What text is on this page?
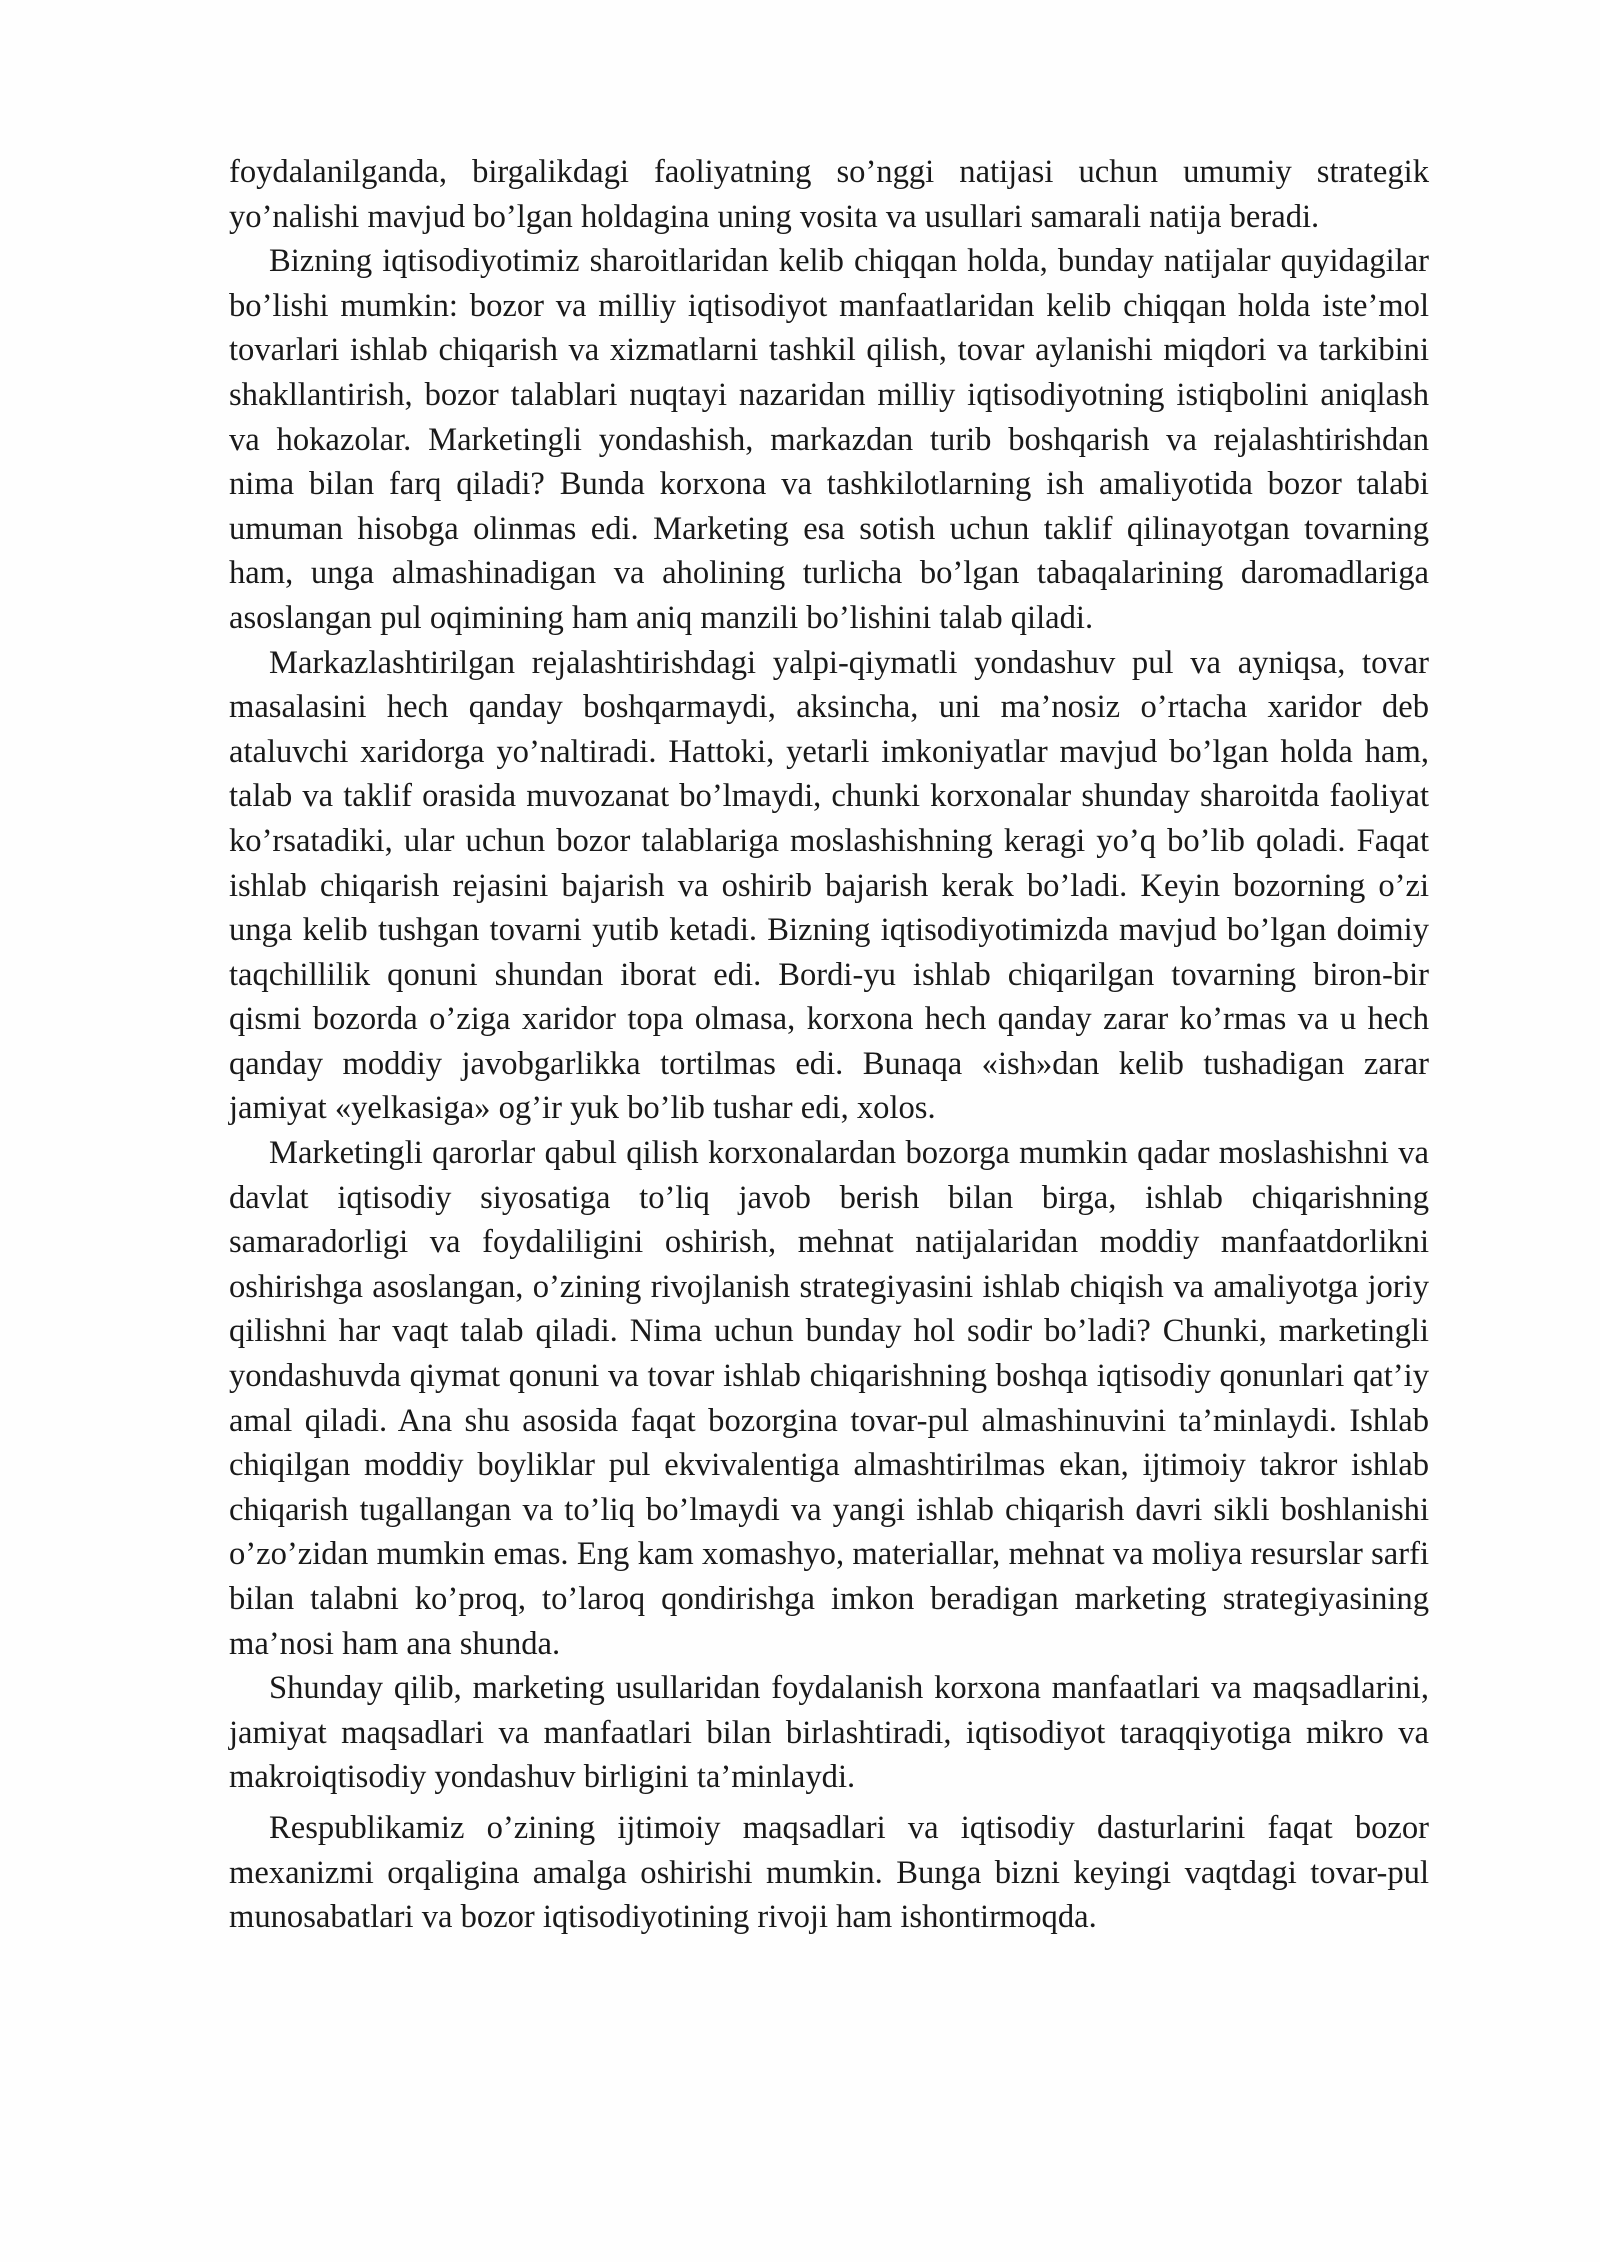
foydalanilganda, birgalikdagi faoliyatning so’nggi natijasi uchun umumiy strategik yo’nalishi mavjud bo’lgan holdagina uning vosita va usullari samarali natija beradi.

Bizning iqtisodiyotimiz sharoitlaridan kelib chiqqan holda, bunday natijalar quyidagilar bo’lishi mumkin: bozor va milliy iqtisodiyot manfaatlaridan kelib chiqqan holda iste’mol tovarlari ishlab chiqarish va xizmatlarni tashkil qilish, tovar aylanishi miqdori va tarkibini shakllantirish, bozor talablari nuqtayi nazaridan milliy iqtisodiyotning istiqbolini aniqlash va hokazolar. Marketingli yondashish, markazdan turib boshqarish va rejalashtirishdan nima bilan farq qiladi? Bunda korxona va tashkilotlarning ish amaliyotida bozor talabi umuman hisobga olinmas edi. Marketing esa sotish uchun taklif qilinayotgan tovarning ham, unga almashinadigan va aholining turlicha bo’lgan tabaqalarining daromadlariga asoslangan pul oqimining ham aniq manzili bo’lishini talab qiladi.

Markazlashtirilgan rejalashtirishdagi yalpi-qiymatli yondashuv pul va ayniqsa, tovar masalasini hech qanday boshqarmaydi, aksincha, uni ma’nosiz o’rtacha xaridor deb ataluvchi xaridorga yo’naltiradi. Hattoki, yetarli imkoniyatlar mavjud bo’lgan holda ham, talab va taklif orasida muvozanat bo’lmaydi, chunki korxonalar shunday sharoitda faoliyat ko’rsatadiki, ular uchun bozor talablariga moslashishning keragi yo’q bo’lib qoladi. Faqat ishlab chiqarish rejasini bajarish va oshirib bajarish kerak bo’ladi. Keyin bozorning o’zi unga kelib tushgan tovarni yutib ketadi. Bizning iqtisodiyotimizda mavjud bo’lgan doimiy taqchillilik qonuni shundan iborat edi. Bordi-yu ishlab chiqarilgan tovarning biron-bir qismi bozorda o’ziga xaridor topa olmasa, korxona hech qanday zarar ko’rmas va u hech qanday moddiy javobgarlikka tortilmas edi. Bunaqa «ish»dan kelib tushadigan zarar jamiyat «yelkasiga» og’ir yuk bo’lib tushar edi, xolos.

Marketingli qarorlar qabul qilish korxonalardan bozorga mumkin qadar moslashishni va davlat iqtisodiy siyosatiga to’liq javob berish bilan birga, ishlab chiqarishning samaradorligi va foydaliligini oshirish, mehnat natijalaridan moddiy manfaatdorlikni oshirishga asoslangan, o’zining rivojlanish strategiyasini ishlab chiqish va amaliyotga joriy qilishni har vaqt talab qiladi. Nima uchun bunday hol sodir bo’ladi? Chunki, marketingli yondashuvda qiymat qonuni va tovar ishlab chiqarishning boshqa iqtisodiy qonunlari qat’iy amal qiladi. Ana shu asosida faqat bozorgina tovar-pul almashinuvini ta’minlaydi. Ishlab chiqilgan moddiy boyliklar pul ekvivalentiga almashtirilmas ekan, ijtimoiy takror ishlab chiqarish tugallangan va to’liq bo’lmaydi va yangi ishlab chiqarish davri sikli boshlanishi o’zo’zidan mumkin emas. Eng kam xomashyo, materiallar, mehnat va moliya resurslar sarfi bilan talabni ko’proq, to’laroq qondirishga imkon beradigan marketing strategiyasining ma’nosi ham ana shunda.

Shunday qilib, marketing usullaridan foydalanish korxona manfaatlari va maqsadlarini, jamiyat maqsadlari va manfaatlari bilan birlashtiradi, iqtisodiyot taraqqiyotiga mikro va makroiqtisodiy yondashuv birligini ta’minlaydi.

Respublikamiz o’zining ijtimoiy maqsadlari va iqtisodiy dasturlarini faqat bozor mexanizmi orqaligina amalga oshirishi mumkin. Bunga bizni keyingi vaqtdagi tovar-pul munosabatlari va bozor iqtisodiyotining rivoji ham ishontirmoqda.
